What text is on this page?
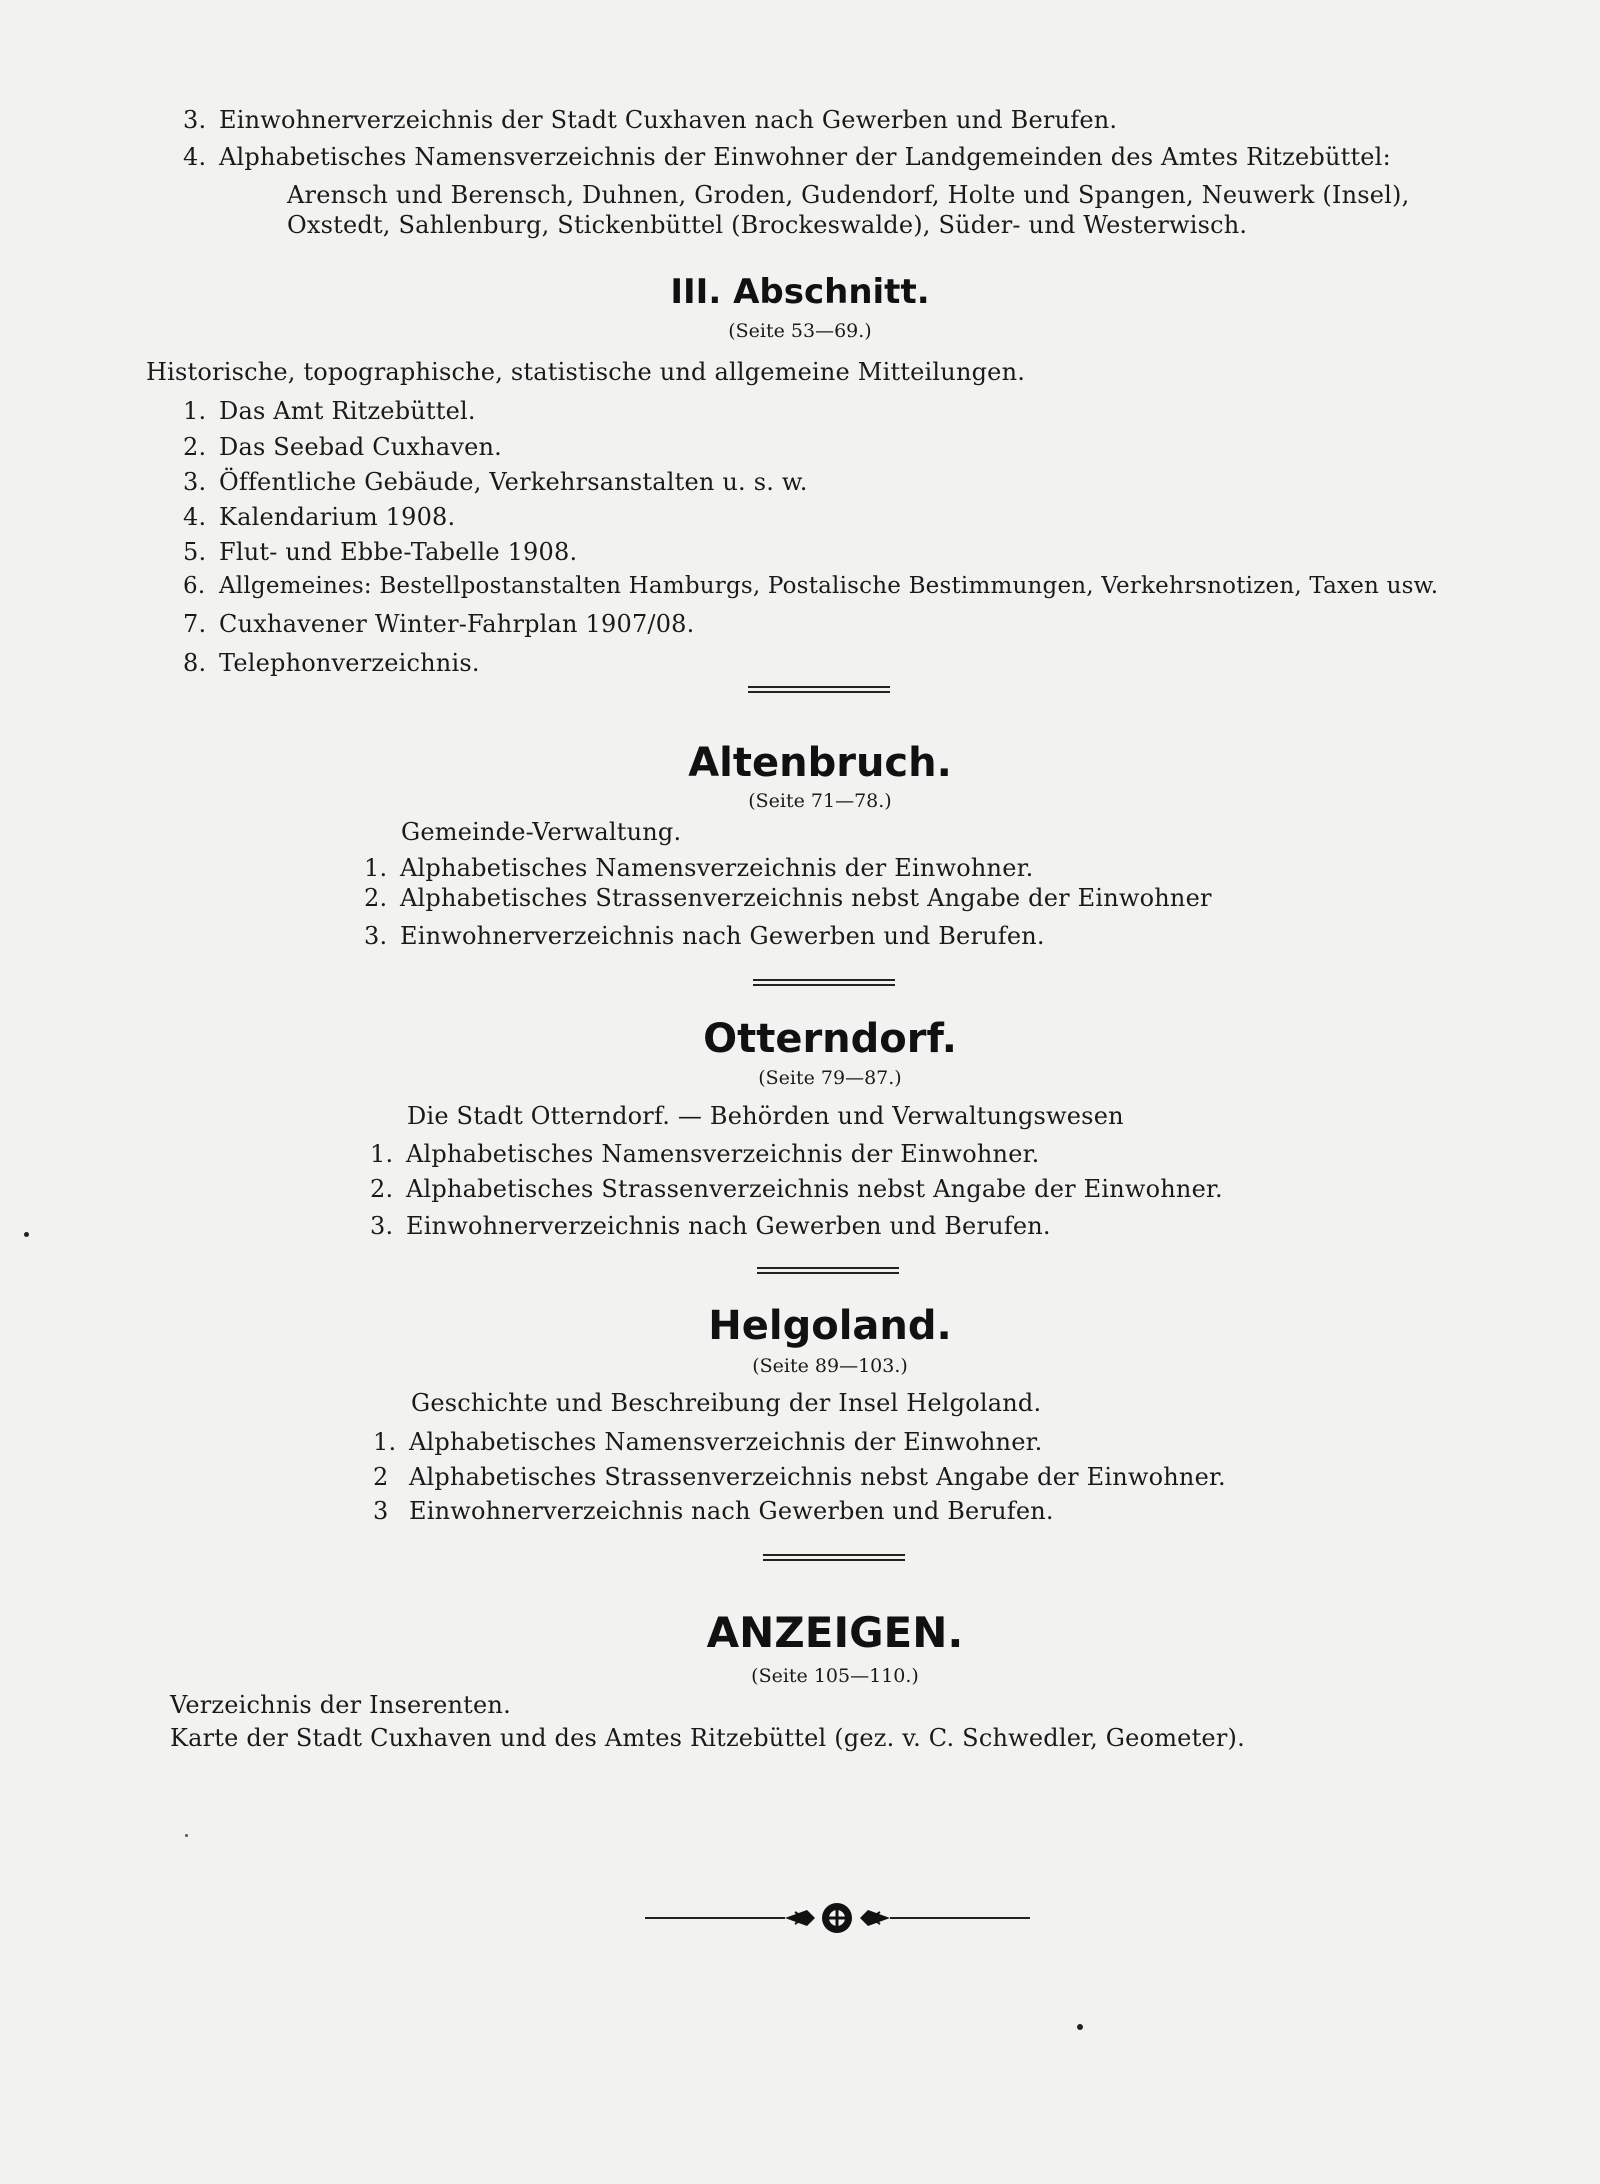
3. Einwohnerverzeichnis der Stadt Cuxhaven nach Gewerben und Berufen.
4. Alphabetisches Namensverzeichnis der Einwohner der Landgemeinden des Amtes Ritzebüttel:
Arensch und Berensch, Duhnen, Groden, Gudendorf, Holte und Spangen, Neuwerk (Insel),
Oxstedt, Sahlenburg, Stickenbüttel (Brockeswalde), Süder- und Westerwisch.
III. Abschnitt.
(Seite 53—69.)
Historische, topographische, statistische und allgemeine Mitteilungen.
1. Das Amt Ritzebüttel.
2. Das Seebad Cuxhaven.
3. Öffentliche Gebäude, Verkehrsanstalten u. s. w.
4. Kalendarium 1908.
5. Flut- und Ebbe-Tabelle 1908.
6. Allgemeines: Bestellpostanstalten Hamburgs, Postalische Bestimmungen, Verkehrsnotizen, Taxen usw.
7. Cuxhavener Winter-Fahrplan 1907/08.
8. Telephonverzeichnis.
Altenbruch.
(Seite 71—78.)
Gemeinde-Verwaltung.
1. Alphabetisches Namensverzeichnis der Einwohner.
2. Alphabetisches Strassenverzeichnis nebst Angabe der Einwohner
3. Einwohnerverzeichnis nach Gewerben und Berufen.
Otterndorf.
(Seite 79—87.)
Die Stadt Otterndorf. — Behörden und Verwaltungswesen
1. Alphabetisches Namensverzeichnis der Einwohner.
2. Alphabetisches Strassenverzeichnis nebst Angabe der Einwohner.
3. Einwohnerverzeichnis nach Gewerben und Berufen.
Helgoland.
(Seite 89—103.)
Geschichte und Beschreibung der Insel Helgoland.
1. Alphabetisches Namensverzeichnis der Einwohner.
2 Alphabetisches Strassenverzeichnis nebst Angabe der Einwohner.
3 Einwohnerverzeichnis nach Gewerben und Berufen.
ANZEIGEN.
(Seite 105—110.)
Verzeichnis der Inserenten.
Karte der Stadt Cuxhaven und des Amtes Ritzebüttel (gez. v. C. Schwedler, Geometer).
